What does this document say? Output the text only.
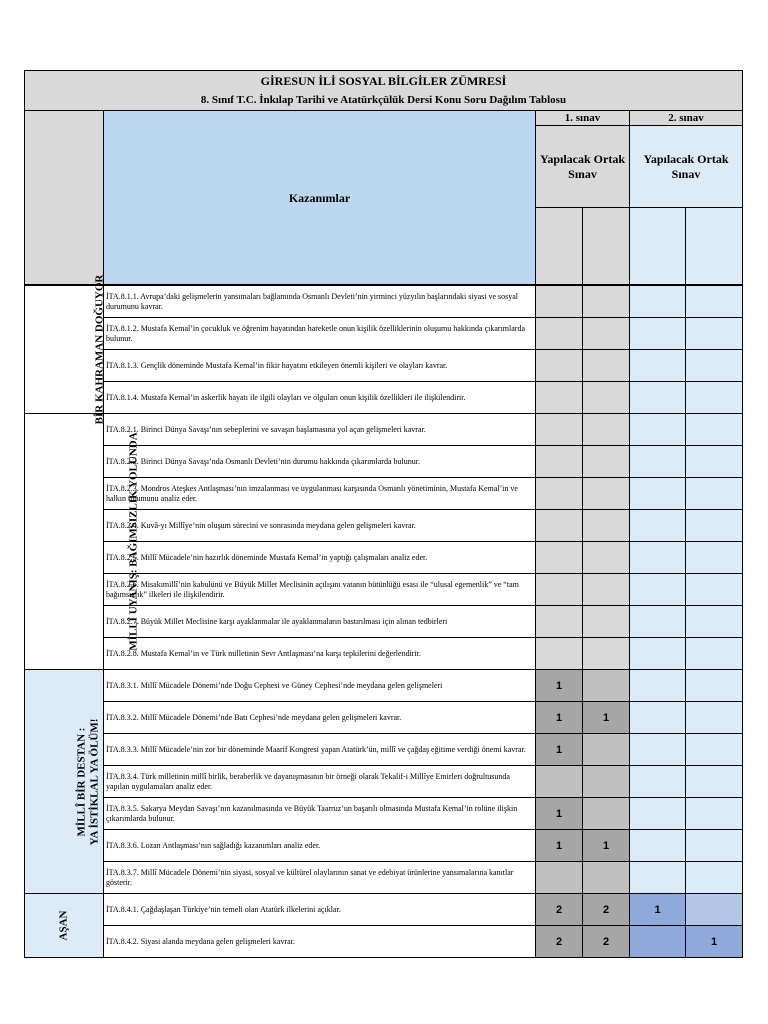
GİRESUN İLİ SOSYAL BİLGİLER ZÜMRESİ					
8. Sınıf T.C. İnkılap Tarihi ve Atatürkçülük Dersi Konu Soru Dağılım Tablosu					
	Kazanımlar	1. sınav		2. sınav	
		Yapılacak Ortak Sınav		Yapılacak Ortak Sınav	

BİR KAHRAMAN DOĞUYOR	İTA.8.1.1. Avrupa’daki gelişmelerin yansımaları bağlamında Osmanlı Devleti’nin yirminci yüzyılın başlarındaki siyasi ve sosyal durumunu kavrar.				
	İTA.8.1.2. Mustafa Kemal’in çocukluk ve öğrenim hayatından hareketle onun kişilik özelliklerinin oluşumu hakkında çıkarımlarda bulunur.				
	İTA.8.1.3. Gençlik döneminde Mustafa Kemal’in fikir hayatını etkileyen önemli kişileri ve olayları kavrar.				
	İTA.8.1.4. Mustafa Kemal’in askerlik hayatı ile ilgili olayları ve olguları onun kişilik özellikleri ile ilişkilendirir.				

MİLLÎ UYANIŞ: BAĞIMSIZLIK YOLUNDA	İTA.8.2.1. Birinci Dünya Savaşı’nın sebeplerini ve savaşın başlamasına yol açan gelişmeleri kavrar.				
	İTA.8.2.2. Birinci Dünya Savaşı’nda Osmanlı Devleti’nin durumu hakkında çıkarımlarda bulunur.				
	İTA.8.2.3. Mondros Ateşkes Antlaşması’nın imzalanması ve uygulanması karşısında Osmanlı yönetiminin, Mustafa Kemal’in ve halkın tutumunu analiz eder.				
	İTA.8.2.4. Kuvâ-yı Millîye’nin oluşum sürecini ve sonrasında meydana gelen gelişmeleri kavrar.				
	İTA.8.2.5. Millî Mücadele’nin hazırlık döneminde Mustafa Kemal’in yaptığı çalışmaları analiz eder.				
	İTA.8.2.6. Misakımillî’nin kabulünü ve Büyük Millet Meclisinin açılışını vatanın bütünlüğü esası ile “ulusal egemenlik” ve “tam bağımsızlık” ilkeleri ile ilişkilendirir.				
	İTA.8.2.7. Büyük Millet Meclisine karşı ayaklanmalar ile ayaklanmaların bastırılması için alınan tedbirleri				
	İTA.8.2.8. Mustafa Kemal’in ve Türk milletinin Sevr Antlaşması’na karşı tepkilerini değerlendirir.				

MİLLÎ BİR DESTAN : YA İSTİKLAL YA ÖLÜM!	İTA.8.3.1. Millî Mücadele Dönemi’nde Doğu Cephesi ve Güney Cephesi’nde meydana gelen gelişmeleri	1			
	İTA.8.3.2. Millî Mücadele Dönemi’nde Batı Cephesi’nde meydana gelen gelişmeleri kavrar.	1	1		
	İTA.8.3.3. Millî Mücadele’nin zor bir döneminde Maarif Kongresi yapan Atatürk’ün, millî ve çağdaş eğitime verdiği önemi kavrar.	1			
	İTA.8.3.4. Türk milletinin millî birlik, beraberlik ve dayanışmasının bir örneği olarak Tekalif-i Millîye Emirleri doğrultusunda yapılan uygulamaları analiz eder.				
	İTA.8.3.5. Sakarya Meydan Savaşı’nın kazanılmasında ve Büyük Taarruz’un başarılı olmasında Mustafa Kemal’in rolüne ilişkin çıkarımlarda bulunur.	1			
	İTA.8.3.6. Lozan Antlaşması’nın sağladığı kazanımları analiz eder.	1	1		
	İTA.8.3.7. Millî Mücadele Dönemi’nin siyasi, sosyal ve kültürel olaylarının sanat ve edebiyat ürünlerine yansımalarına kanıtlar gösterir.				

AŞAN	İTA.8.4.1. Çağdaşlaşan Türkiye’nin temeli olan Atatürk ilkelerini açıklar.	2	2	1	
	İTA.8.4.2. Siyasi alanda meydana gelen gelişmeleri kavrar.	2	2		1
